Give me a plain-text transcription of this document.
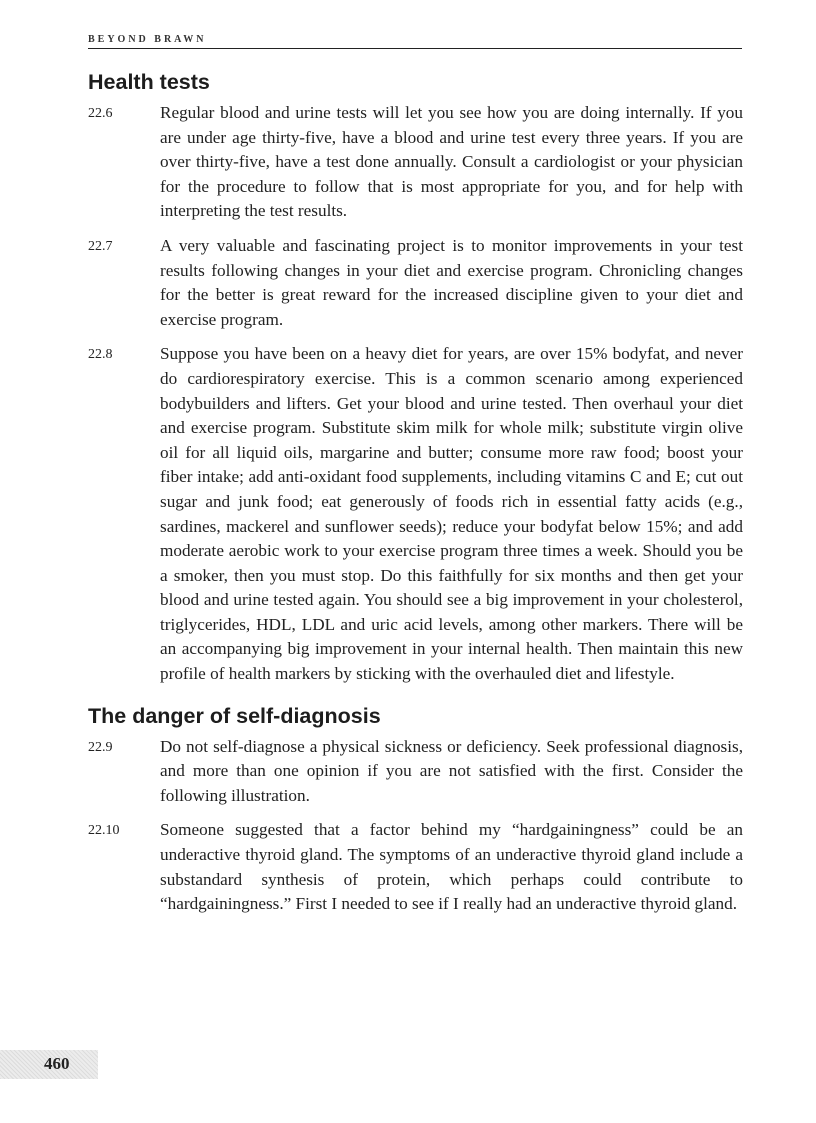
BEYOND BRAWN
Health tests
22.6	Regular blood and urine tests will let you see how you are doing internally. If you are under age thirty-five, have a blood and urine test every three years. If you are over thirty-five, have a test done annually. Consult a cardiologist or your physician for the procedure to follow that is most appropriate for you, and for help with interpreting the test results.
22.7	A very valuable and fascinating project is to monitor improvements in your test results following changes in your diet and exercise program. Chronicling changes for the better is great reward for the increased discipline given to your diet and exercise program.
22.8	Suppose you have been on a heavy diet for years, are over 15% bodyfat, and never do cardiorespiratory exercise. This is a common scenario among experienced bodybuilders and lifters. Get your blood and urine tested. Then overhaul your diet and exercise program. Substitute skim milk for whole milk; substitute virgin olive oil for all liquid oils, margarine and butter; consume more raw food; boost your fiber intake; add anti-oxidant food supplements, including vitamins C and E; cut out sugar and junk food; eat generously of foods rich in essential fatty acids (e.g., sardines, mackerel and sunflower seeds); reduce your bodyfat below 15%; and add moderate aerobic work to your exercise program three times a week. Should you be a smoker, then you must stop. Do this faithfully for six months and then get your blood and urine tested again. You should see a big improvement in your cholesterol, triglycerides, HDL, LDL and uric acid levels, among other markers. There will be an accompanying big improvement in your internal health. Then maintain this new profile of health markers by sticking with the overhauled diet and lifestyle.
The danger of self-diagnosis
22.9	Do not self-diagnose a physical sickness or deficiency. Seek professional diagnosis, and more than one opinion if you are not satisfied with the first. Consider the following illustration.
22.10	Someone suggested that a factor behind my “hardgainingness” could be an underactive thyroid gland. The symptoms of an underactive thyroid gland include a substandard synthesis of protein, which perhaps could contribute to “hardgainingness.” First I needed to see if I really had an underactive thyroid gland.
460
